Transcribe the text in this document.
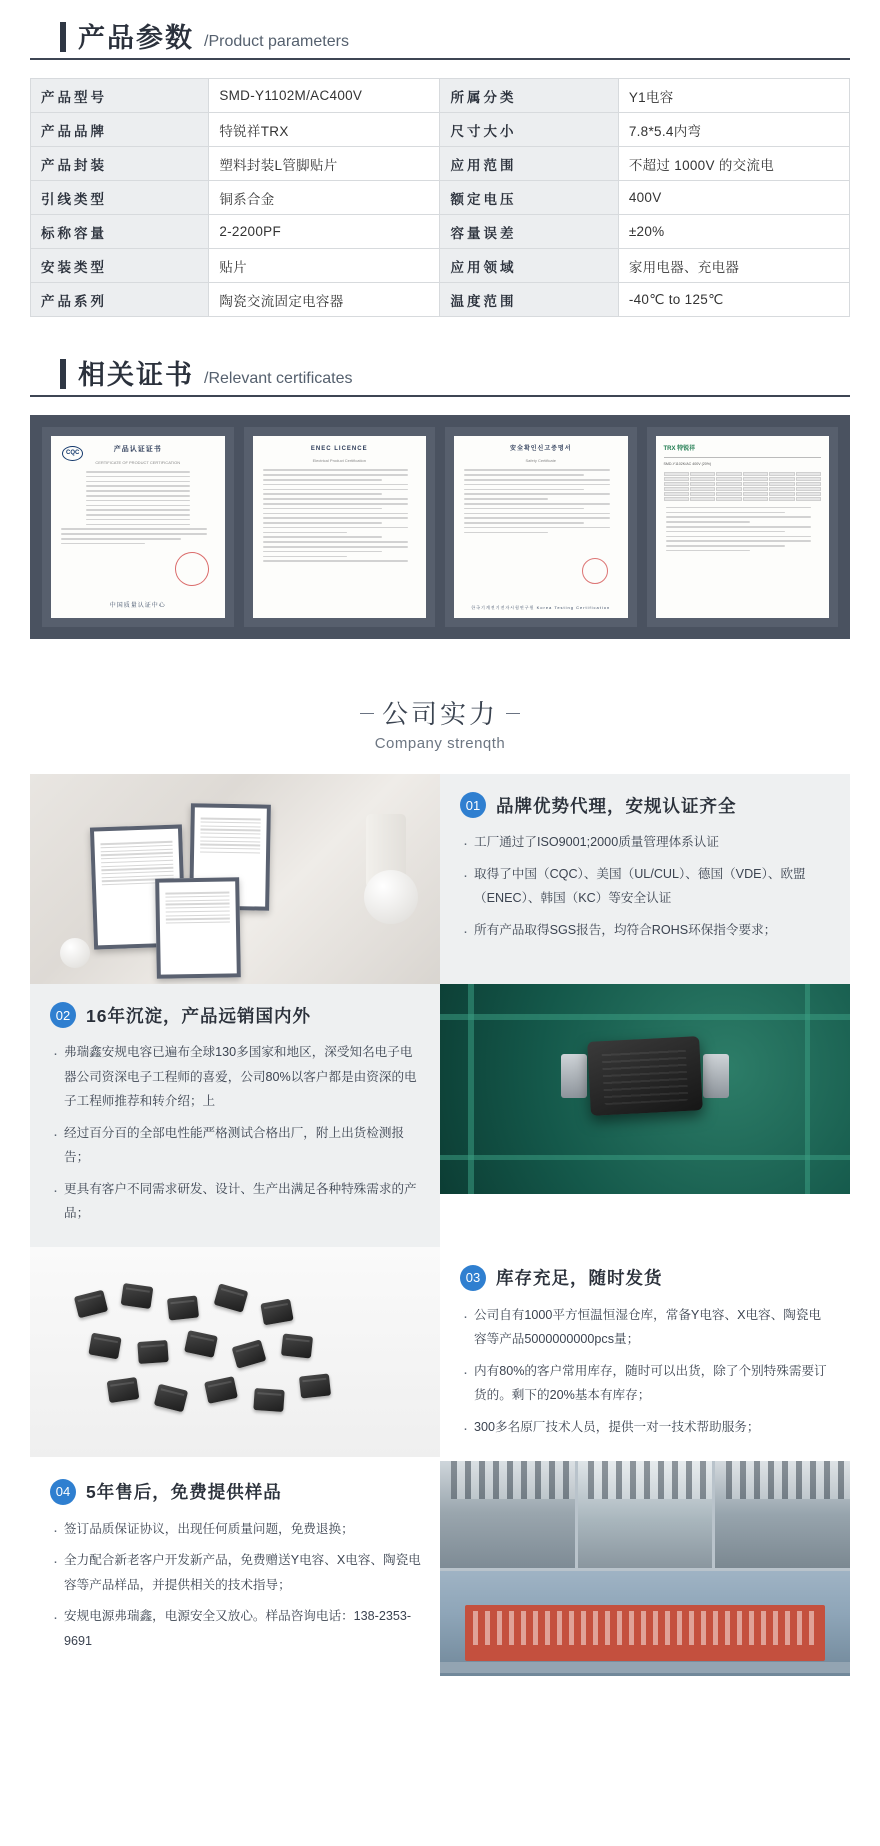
产品参数 /Product parameters
产品型号	SMD-Y1102M/AC400V	所属分类	Y1电容
产品品牌	特锐祥TRX	尺寸大小	7.8*5.4内弯
产品封装	塑料封装L管脚贴片	应用范围	不超过 1000V 的交流电
引线类型	铜系合金	额定电压	400V
标称容量	2-2200PF	容量误差	±20%
安装类型	贴片	应用领域	家用电器、充电器
产品系列	陶瓷交流固定电容器	温度范围	-40℃ to 125℃
相关证书 /Relevant certificates
CQC	产品认证证书
CERTIFICATE OF PRODUCT CERTIFICATION
中国质量认证中心
ENEC LICENCE
Electrical Product Certification
安全확인신고증명서
Safety Certificate
한국기계전기전자시험연구원 Korea Testing Certification
TRX 特锐祥
SMD-Y1102K/AC 400V (20%)
公司实力
Company strenqth
01 品牌优势代理，安规认证齐全
· 工厂通过了ISO9001;2000质量管理体系认证
· 取得了中国（CQC）、美国（UL/CUL）、德国（VDE）、欧盟（ENEC）、韩国（KC）等安全认证
· 所有产品取得SGS报告，均符合ROHS环保指令要求；
02 16年沉淀，产品远销国内外
· 弗瑞鑫安规电容已遍布全球130多国家和地区，深受知名电子电器公司资深电子工程师的喜爱，公司80%以客户都是由资深的电子工程师推荐和转介绍；上
· 经过百分百的全部电性能严格测试合格出厂，附上出货检测报告；
· 更具有客户不同需求研发、设计、生产出满足各种特殊需求的产品；
03 库存充足，随时发货
· 公司自有1000平方恒温恒湿仓库，常备Y电容、X电容、陶瓷电容等产品5000000000pcs量；
· 内有80%的客户常用库存，随时可以出货，除了个别特殊需要订货的。剩下的20%基本有库存；
· 300多名原厂技术人员，提供一对一技术帮助服务；
04 5年售后，免费提供样品
· 签订品质保证协议，出现任何质量问题，免费退换；
· 全力配合新老客户开发新产品，免费赠送Y电容、X电容、陶瓷电容等产品样品，并提供相关的技术指导；
· 安规电源弗瑞鑫，电源安全又放心。样品咨询电话：138-2353-9691
